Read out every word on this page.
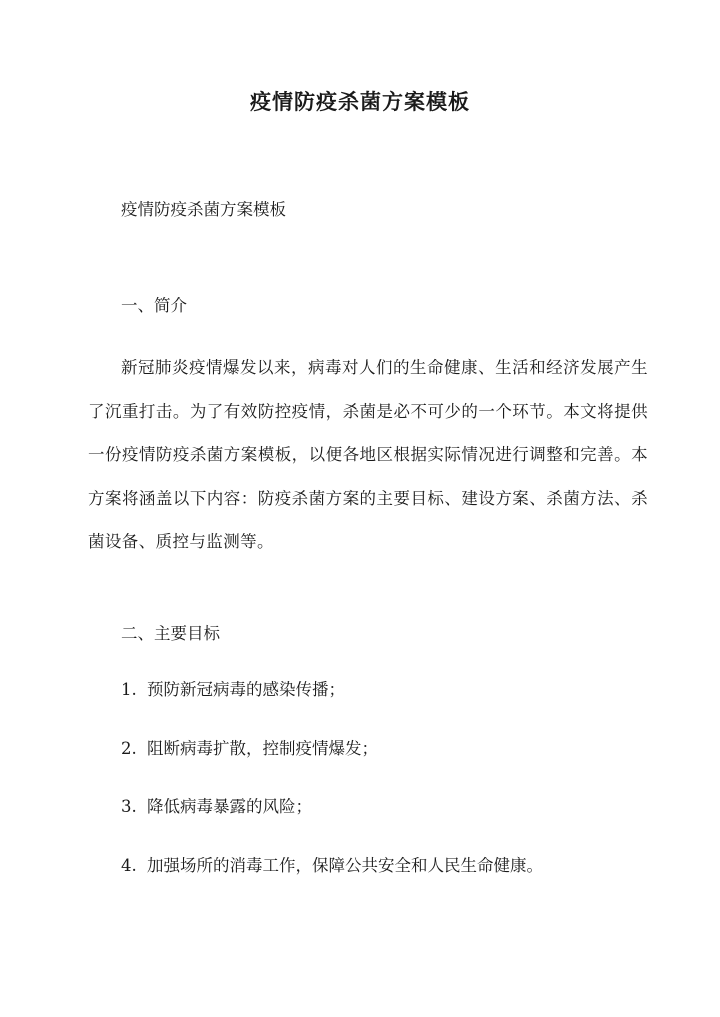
疫情防疫杀菌方案模板

疫情防疫杀菌方案模板

一、简介

新冠肺炎疫情爆发以来，病毒对人们的生命健康、生活和经济发展产生了沉重打击。为了有效防控疫情，杀菌是必不可少的一个环节。本文将提供一份疫情防疫杀菌方案模板，以便各地区根据实际情况进行调整和完善。本方案将涵盖以下内容：防疫杀菌方案的主要目标、建设方案、杀菌方法、杀菌设备、质控与监测等。

二、主要目标

1. 预防新冠病毒的感染传播；
2. 阻断病毒扩散，控制疫情爆发；
3. 降低病毒暴露的风险；
4. 加强场所的消毒工作，保障公共安全和人民生命健康。
